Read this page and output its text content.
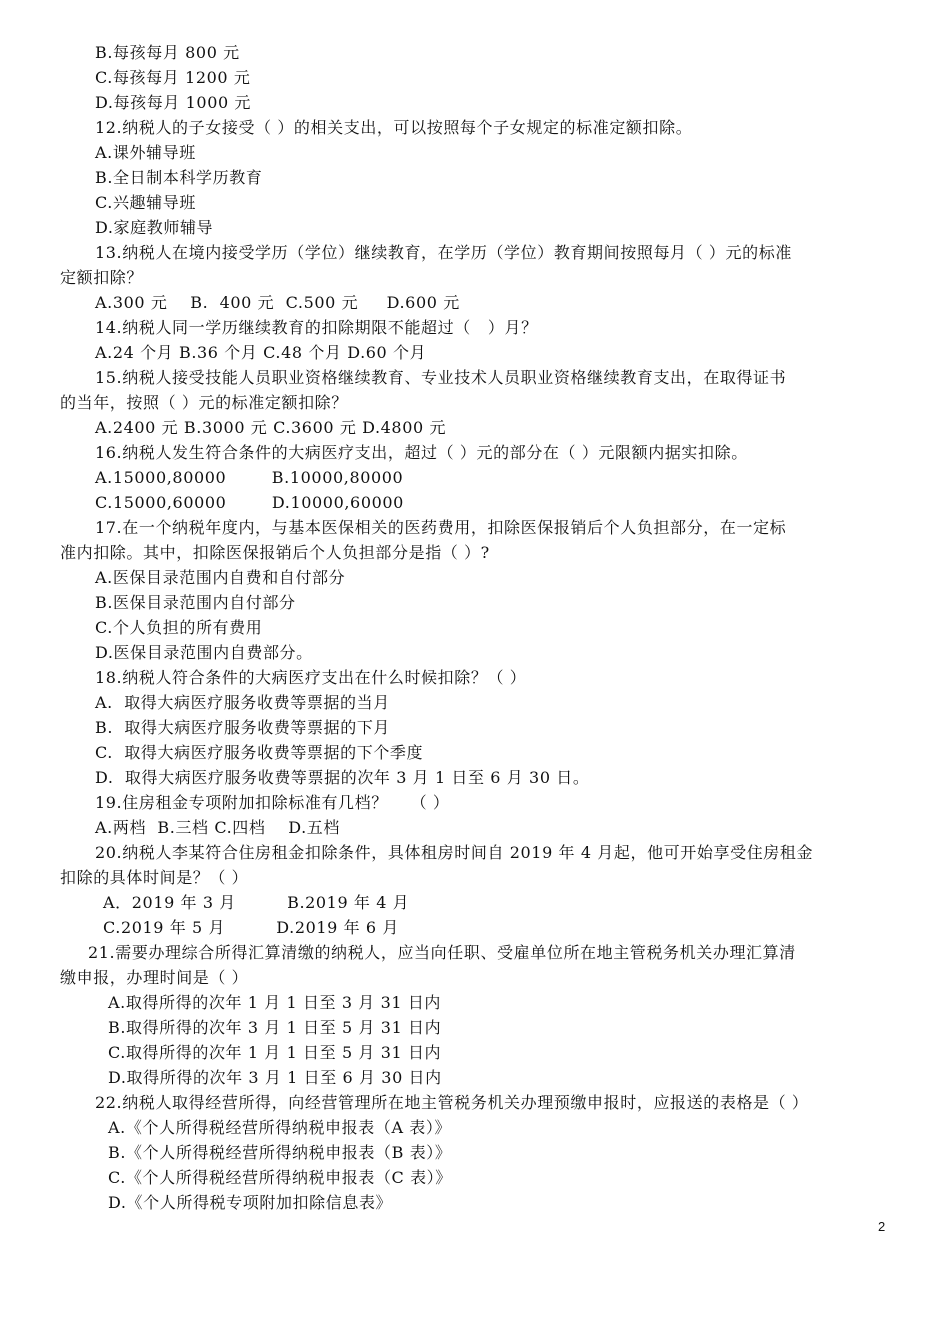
B.每孩每月 800 元
C.每孩每月 1200 元
D.每孩每月 1000 元
12.纳税人的子女接受（ ）的相关支出，可以按照每个子女规定的标准定额扣除。
A.课外辅导班
B.全日制本科学历教育
C.兴趣辅导班
D.家庭教师辅导
13.纳税人在境内接受学历（学位）继续教育，在学历（学位）教育期间按照每月（ ）元的标准
定额扣除？
A.300 元    B.  400 元  C.500 元     D.600 元
14.纳税人同一学历继续教育的扣除期限不能超过（   ）月？
A.24 个月 B.36 个月 C.48 个月 D.60 个月
15.纳税人接受技能人员职业资格继续教育、专业技术人员职业资格继续教育支出，在取得证书
的当年，按照（ ）元的标准定额扣除？
A.2400 元 B.3000 元 C.3600 元 D.4800 元
16.纳税人发生符合条件的大病医疗支出，超过（ ）元的部分在（ ）元限额内据实扣除。
A.15000,80000        B.10000,80000
C.15000,60000        D.10000,60000
17.在一个纳税年度内，与基本医保相关的医药费用，扣除医保报销后个人负担部分，在一定标
准内扣除。其中，扣除医保报销后个人负担部分是指（ ）?
A.医保目录范围内自费和自付部分
B.医保目录范围内自付部分
C.个人负担的所有费用
D.医保目录范围内自费部分。
18.纳税人符合条件的大病医疗支出在什么时候扣除？（ ）
A.  取得大病医疗服务收费等票据的当月
B.  取得大病医疗服务收费等票据的下月
C.  取得大病医疗服务收费等票据的下个季度
D.  取得大病医疗服务收费等票据的次年 3 月 1 日至 6 月 30 日。
19.住房租金专项附加扣除标准有几档？    （ ）
A.两档  B.三档 C.四档    D.五档
20.纳税人李某符合住房租金扣除条件，具体租房时间自 2019 年 4 月起，他可开始享受住房租金
扣除的具体时间是？（ ）
A．2019 年 3 月         B.2019 年 4 月
C.2019 年 5 月         D.2019 年 6 月
21.需要办理综合所得汇算清缴的纳税人，应当向任职、受雇单位所在地主管税务机关办理汇算清
缴申报，办理时间是（ ）
A.取得所得的次年 1 月 1 日至 3 月 31 日内
B.取得所得的次年 3 月 1 日至 5 月 31 日内
C.取得所得的次年 1 月 1 日至 5 月 31 日内
D.取得所得的次年 3 月 1 日至 6 月 30 日内
22.纳税人取得经营所得，向经营管理所在地主管税务机关办理预缴申报时，应报送的表格是（ ）
A.《个人所得税经营所得纳税申报表（A 表）》
B.《个人所得税经营所得纳税申报表（B 表）》
C.《个人所得税经营所得纳税申报表（C 表）》
D.《个人所得税专项附加扣除信息表》
2
